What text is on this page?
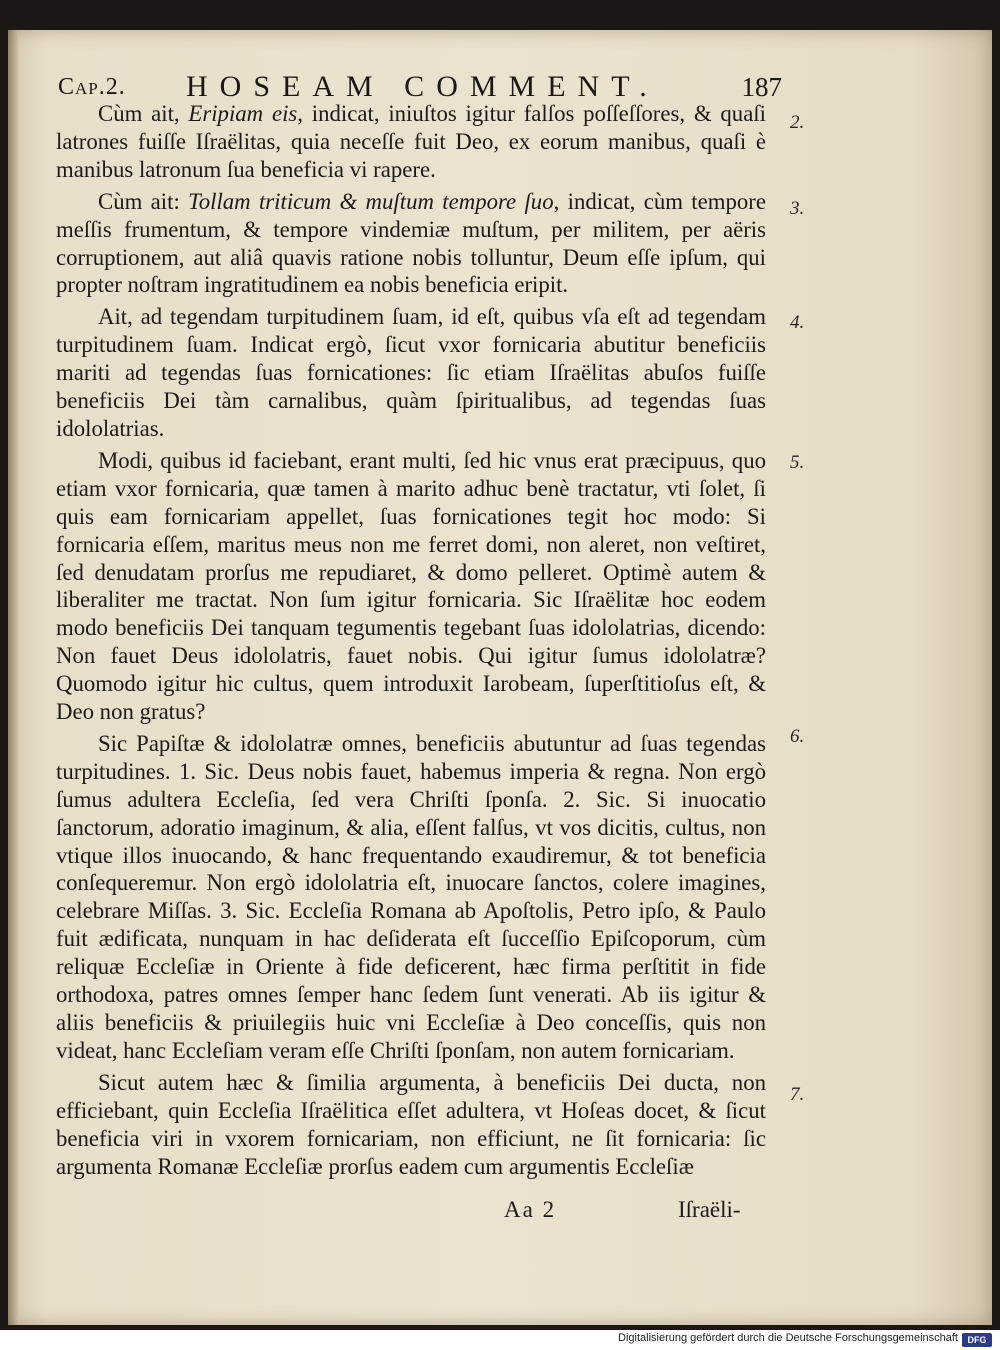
Cap.2. HOSEAM COMMENT.	187

Cùm ait, Eripiam eis, indicat, iniuſtos igitur falſos poſſeſſores, & quaſi latrones fuiſſe Iſraëlitas, quia neceſſe fuit Deo, ex eorum manibus, quaſi è manibus latronum ſua beneficia vi rapere.

Cùm ait: Tollam triticum & muſtum tempore ſuo, indicat, cùm tempore meſſis frumentum, & tempore vindemiæ muſtum, per militem, per aëris corruptionem, aut aliâ quavis ratione nobis tolluntur, Deum eſſe ipſum, qui propter noſtram ingratitudinem ea nobis beneficia eripit.

Ait, ad tegendam turpitudinem ſuam, id eſt, quibus vſa eſt ad tegendam turpitudinem ſuam. Indicat ergò, ſicut vxor fornicaria abutitur beneficiis mariti ad tegendas ſuas fornicationes: ſic etiam Iſraëlitas abuſos fuiſſe beneficiis Dei tàm carnalibus, quàm ſpiritualibus, ad tegendas ſuas idololatrias.

Modi, quibus id faciebant, erant multi, ſed hic vnus erat præcipuus, quo etiam vxor fornicaria, quæ tamen à marito adhuc benè tractatur, vti ſolet, ſi quis eam fornicariam appellet, ſuas fornicationes tegit hoc modo: Si fornicaria eſſem, maritus meus non me ferret domi, non aleret, non veſtiret, ſed denudatam prorſus me repudiaret, & domo pelleret. Optimè autem & liberaliter me tractat. Non ſum igitur fornicaria. Sic Iſraëlitæ hoc eodem modo beneficiis Dei tanquam tegumentis tegebant ſuas idololatrias, dicendo: Non fauet Deus idololatris, fauet nobis. Qui igitur ſumus idololatræ? Quomodo igitur hic cultus, quem introduxit Iarobeam, ſuperſtitioſus eſt, & Deo non gratus?

Sic Papiſtæ & idololatræ omnes, beneficiis abutuntur ad ſuas tegendas turpitudines. 1. Sic. Deus nobis fauet, habemus imperia & regna. Non ergò ſumus adultera Eccleſia, ſed vera Chriſti ſponſa. 2. Sic. Si inuocatio ſanctorum, adoratio imaginum, & alia, eſſent falſus, vt vos dicitis, cultus, non vtique illos inuocando, & hanc frequentando exaudiremur, & tot beneficia conſequeremur. Non ergò idololatria eſt, inuocare ſanctos, colere imagines, celebrare Miſſas. 3. Sic. Eccleſia Romana ab Apoſtolis, Petro ipſo, & Paulo fuit ædificata, nunquam in hac deſiderata eſt ſucceſſio Epiſcoporum, cùm reliquæ Eccleſiæ in Oriente à fide deficerent, hæc firma perſtitit in fide orthodoxa, patres omnes ſemper hanc ſedem ſunt venerati. Ab iis igitur & aliis beneficiis & priuilegiis huic vni Eccleſiæ à Deo conceſſis, quis non videat, hanc Eccleſiam veram eſſe Chriſti ſponſam, non autem fornicariam.

Sicut autem hæc & ſimilia argumenta, à beneficiis Dei ducta, non efficiebant, quin Eccleſia Iſraëlitica eſſet adultera, vt Hoſeas docet, & ſicut beneficia viri in vxorem fornicariam, non efficiunt, ne ſit fornicaria: ſic argumenta Romanæ Eccleſiæ prorſus eadem cum argumentis Eccleſiæ

2.
3.
4.
5.
6.
7.
Aa 2	Iſraëli-
Digitalisierung gefördert durch die Deutsche Forschungsgemeinschaft	DFG
